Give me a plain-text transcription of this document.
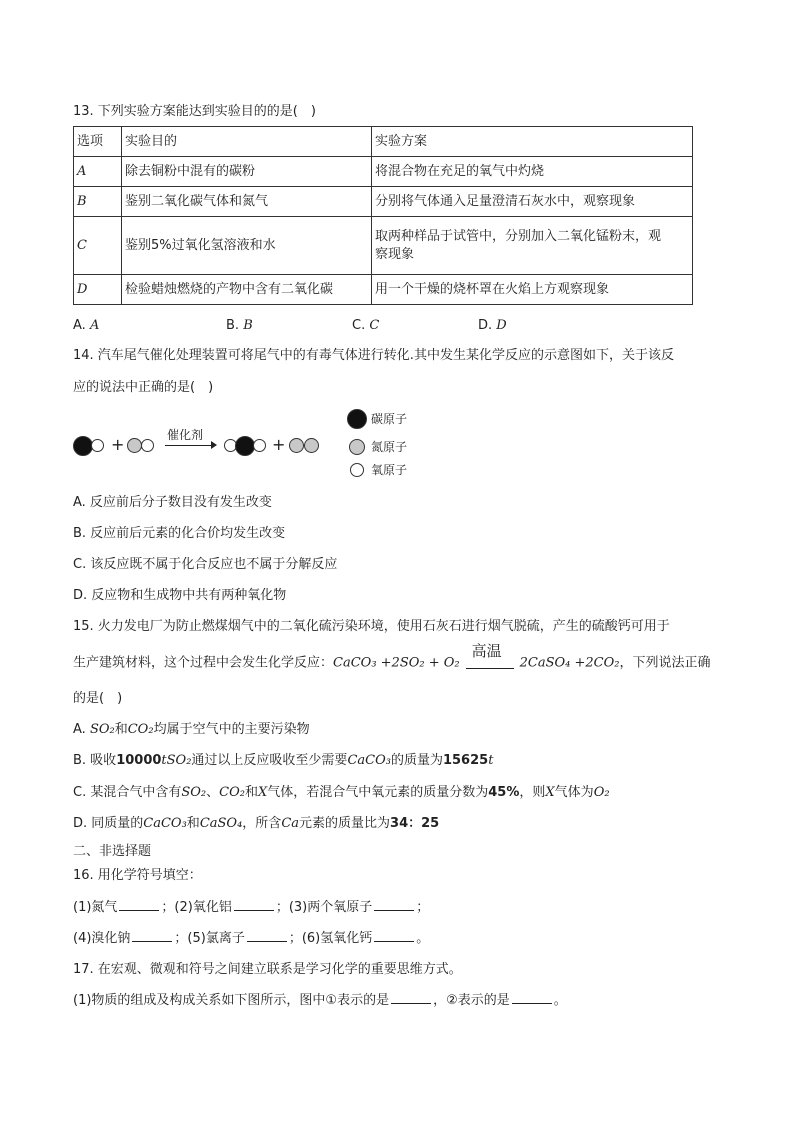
13. 下列实验方案能达到实验目的的是(　)
选项	实验目的	实验方案
A	除去铜粉中混有的碳粉	将混合物在充足的氧气中灼烧
B	鉴别二氧化碳气体和氮气	分别将气体通入足量澄清石灰水中，观察现象
C	鉴别5%过氧化氢溶液和水	取两种样品于试管中，分别加入二氧化锰粉末，观
察现象
D	检验蜡烛燃烧的产物中含有二氧化碳	用一个干燥的烧杯罩在火焰上方观察现象
A. A	B. B	C. C	D. D
14. 汽车尾气催化处理装置可将尾气中的有毒气体进行转化.其中发生某化学反应的示意图如下，关于该反
应的说法中正确的是(　)
+	催化剂	+
碳原子
氮原子
氧原子
A. 反应前后分子数目没有发生改变
B. 反应前后元素的化合价均发生改变
C. 该反应既不属于化合反应也不属于分解反应
D. 反应物和生成物中共有两种氧化物
15. 火力发电厂为防止燃煤烟气中的二氧化硫污染环境，使用石灰石进行烟气脱硫，产生的硫酸钙可用于
生产建筑材料，这个过程中会发生化学反应：CaCO₃ +2SO₂ + O₂
高温
2CaSO₄ +2CO₂，下列说法正确
的是(　)
A. SO₂和CO₂均属于空气中的主要污染物
B. 吸收10000tSO₂通过以上反应吸收至少需要CaCO₃的质量为15625t
C. 某混合气中含有SO₂、CO₂和X气体，若混合气中氧元素的质量分数为45%，则X气体为O₂
D. 同质量的CaCO₃和CaSO₄，所含Ca元素的质量比为34：25
二、非选择题
16. 用化学符号填空：
(1)氮气	；(2)氧化铝	；(3)两个氧原子	；
(4)溴化钠	；(5)氯离子	；(6)氢氧化钙	。
17. 在宏观、微观和符号之间建立联系是学习化学的重要思维方式。
(1)物质的组成及构成关系如下图所示，图中①表示的是	，②表示的是	。
